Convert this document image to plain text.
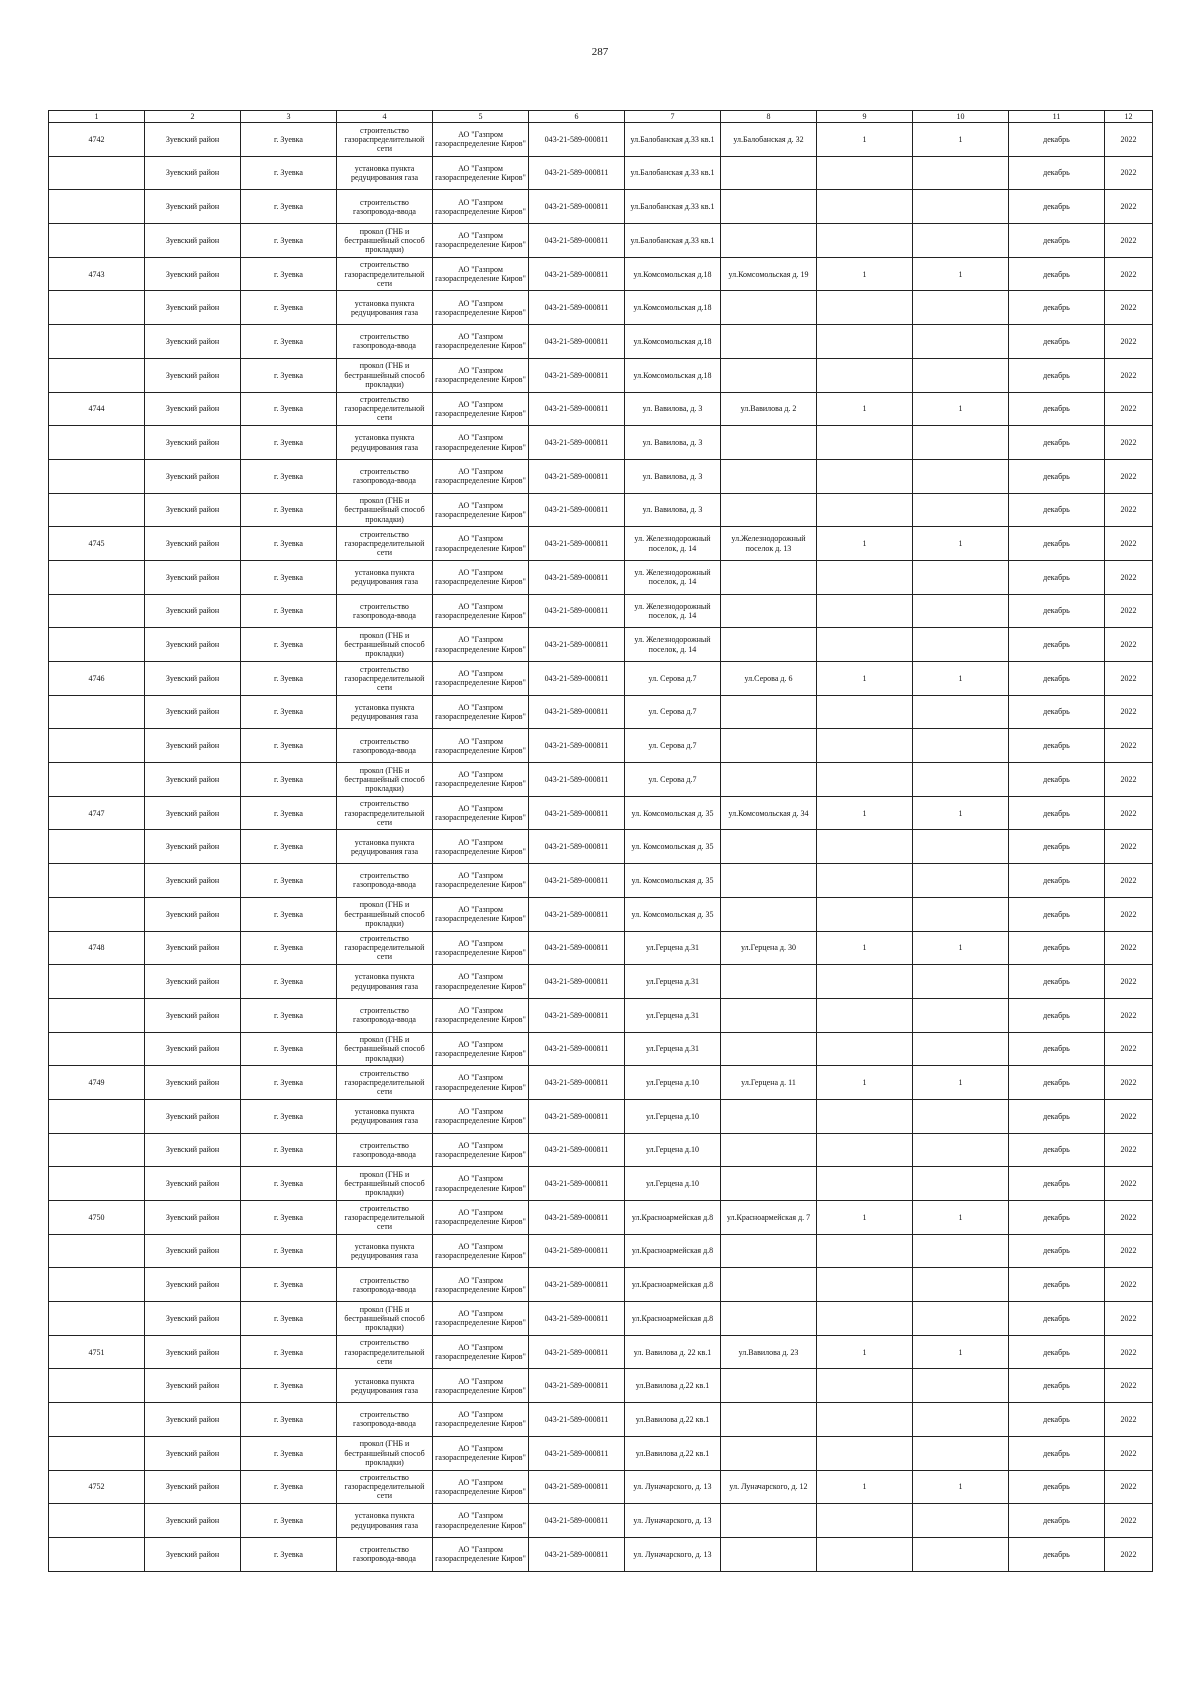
287
1	2	3	4	5	6	7	8	9	10	11	12

4742	Зуевский район	г. Зуевка	строительство газораспределительной сети	АО "Газпром газораспределение Киров"	043-21-589-000811	ул.Балобанская д.33 кв.1	ул.Балобанская д. 32	1	1	декабрь	2022

	Зуевский район	г. Зуевка	установка пункта редуцирования газа	АО "Газпром газораспределение Киров"	043-21-589-000811	ул.Балобанская д.33 кв.1				декабрь	2022

	Зуевский район	г. Зуевка	строительство газопровода-ввода	АО "Газпром газораспределение Киров"	043-21-589-000811	ул.Балобанская д.33 кв.1				декабрь	2022

	Зуевский район	г. Зуевка	прокол (ГНБ и бестраншейный способ прокладки)	АО "Газпром газораспределение Киров"	043-21-589-000811	ул.Балобанская д.33 кв.1				декабрь	2022

4743	Зуевский район	г. Зуевка	строительство газораспределительной сети	АО "Газпром газораспределение Киров"	043-21-589-000811	ул.Комсомольская д.18	ул.Комсомольская д. 19	1	1	декабрь	2022

	Зуевский район	г. Зуевка	установка пункта редуцирования газа	АО "Газпром газораспределение Киров"	043-21-589-000811	ул.Комсомольская д.18				декабрь	2022

	Зуевский район	г. Зуевка	строительство газопровода-ввода	АО "Газпром газораспределение Киров"	043-21-589-000811	ул.Комсомольская д.18				декабрь	2022

	Зуевский район	г. Зуевка	прокол (ГНБ и бестраншейный способ прокладки)	АО "Газпром газораспределение Киров"	043-21-589-000811	ул.Комсомольская д.18				декабрь	2022

4744	Зуевский район	г. Зуевка	строительство газораспределительной сети	АО "Газпром газораспределение Киров"	043-21-589-000811	ул. Вавилова, д. 3	ул.Вавилова д. 2	1	1	декабрь	2022

	Зуевский район	г. Зуевка	установка пункта редуцирования газа	АО "Газпром газораспределение Киров"	043-21-589-000811	ул. Вавилова, д. 3				декабрь	2022

	Зуевский район	г. Зуевка	строительство газопровода-ввода	АО "Газпром газораспределение Киров"	043-21-589-000811	ул. Вавилова, д. 3				декабрь	2022

	Зуевский район	г. Зуевка	прокол (ГНБ и бестраншейный способ прокладки)	АО "Газпром газораспределение Киров"	043-21-589-000811	ул. Вавилова, д. 3				декабрь	2022

4745	Зуевский район	г. Зуевка	строительство газораспределительной сети	АО "Газпром газораспределение Киров"	043-21-589-000811	ул. Железнодорожный поселок, д. 14	ул.Железнодорожный поселок д. 13	1	1	декабрь	2022

	Зуевский район	г. Зуевка	установка пункта редуцирования газа	АО "Газпром газораспределение Киров"	043-21-589-000811	ул. Железнодорожный поселок, д. 14				декабрь	2022

	Зуевский район	г. Зуевка	строительство газопровода-ввода	АО "Газпром газораспределение Киров"	043-21-589-000811	ул. Железнодорожный поселок, д. 14				декабрь	2022

	Зуевский район	г. Зуевка	прокол (ГНБ и бестраншейный способ прокладки)	АО "Газпром газораспределение Киров"	043-21-589-000811	ул. Железнодорожный поселок, д. 14				декабрь	2022

4746	Зуевский район	г. Зуевка	строительство газораспределительной сети	АО "Газпром газораспределение Киров"	043-21-589-000811	ул. Серова д.7	ул.Серова д. 6	1	1	декабрь	2022

	Зуевский район	г. Зуевка	установка пункта редуцирования газа	АО "Газпром газораспределение Киров"	043-21-589-000811	ул. Серова д.7				декабрь	2022

	Зуевский район	г. Зуевка	строительство газопровода-ввода	АО "Газпром газораспределение Киров"	043-21-589-000811	ул. Серова д.7				декабрь	2022

	Зуевский район	г. Зуевка	прокол (ГНБ и бестраншейный способ прокладки)	АО "Газпром газораспределение Киров"	043-21-589-000811	ул. Серова д.7				декабрь	2022

4747	Зуевский район	г. Зуевка	строительство газораспределительной сети	АО "Газпром газораспределение Киров"	043-21-589-000811	ул. Комсомольская д. 35	ул.Комсомольская д. 34	1	1	декабрь	2022

	Зуевский район	г. Зуевка	установка пункта редуцирования газа	АО "Газпром газораспределение Киров"	043-21-589-000811	ул. Комсомольская д. 35				декабрь	2022

	Зуевский район	г. Зуевка	строительство газопровода-ввода	АО "Газпром газораспределение Киров"	043-21-589-000811	ул. Комсомольская д. 35				декабрь	2022

	Зуевский район	г. Зуевка	прокол (ГНБ и бестраншейный способ прокладки)	АО "Газпром газораспределение Киров"	043-21-589-000811	ул. Комсомольская д. 35				декабрь	2022

4748	Зуевский район	г. Зуевка	строительство газораспределительной сети	АО "Газпром газораспределение Киров"	043-21-589-000811	ул.Герцена д.31	ул.Герцена д. 30	1	1	декабрь	2022

	Зуевский район	г. Зуевка	установка пункта редуцирования газа	АО "Газпром газораспределение Киров"	043-21-589-000811	ул.Герцена д.31				декабрь	2022

	Зуевский район	г. Зуевка	строительство газопровода-ввода	АО "Газпром газораспределение Киров"	043-21-589-000811	ул.Герцена д.31				декабрь	2022

	Зуевский район	г. Зуевка	прокол (ГНБ и бестраншейный способ прокладки)	АО "Газпром газораспределение Киров"	043-21-589-000811	ул.Герцена д.31				декабрь	2022

4749	Зуевский район	г. Зуевка	строительство газораспределительной сети	АО "Газпром газораспределение Киров"	043-21-589-000811	ул.Герцена д.10	ул.Герцена д. 11	1	1	декабрь	2022

	Зуевский район	г. Зуевка	установка пункта редуцирования газа	АО "Газпром газораспределение Киров"	043-21-589-000811	ул.Герцена д.10				декабрь	2022

	Зуевский район	г. Зуевка	строительство газопровода-ввода	АО "Газпром газораспределение Киров"	043-21-589-000811	ул.Герцена д.10				декабрь	2022

	Зуевский район	г. Зуевка	прокол (ГНБ и бестраншейный способ прокладки)	АО "Газпром газораспределение Киров"	043-21-589-000811	ул.Герцена д.10				декабрь	2022

4750	Зуевский район	г. Зуевка	строительство газораспределительной сети	АО "Газпром газораспределение Киров"	043-21-589-000811	ул.Красноармейская д.8	ул.Красноармейская д. 7	1	1	декабрь	2022

	Зуевский район	г. Зуевка	установка пункта редуцирования газа	АО "Газпром газораспределение Киров"	043-21-589-000811	ул.Красноармейская д.8				декабрь	2022

	Зуевский район	г. Зуевка	строительство газопровода-ввода	АО "Газпром газораспределение Киров"	043-21-589-000811	ул.Красноармейская д.8				декабрь	2022

	Зуевский район	г. Зуевка	прокол (ГНБ и бестраншейный способ прокладки)	АО "Газпром газораспределение Киров"	043-21-589-000811	ул.Красноармейская д.8				декабрь	2022

4751	Зуевский район	г. Зуевка	строительство газораспределительной сети	АО "Газпром газораспределение Киров"	043-21-589-000811	ул. Вавилова д. 22 кв.1	ул.Вавилова д. 23	1	1	декабрь	2022

	Зуевский район	г. Зуевка	установка пункта редуцирования газа	АО "Газпром газораспределение Киров"	043-21-589-000811	ул.Вавилова д.22 кв.1				декабрь	2022

	Зуевский район	г. Зуевка	строительство газопровода-ввода	АО "Газпром газораспределение Киров"	043-21-589-000811	ул.Вавилова д.22 кв.1				декабрь	2022

	Зуевский район	г. Зуевка	прокол (ГНБ и бестраншейный способ прокладки)	АО "Газпром газораспределение Киров"	043-21-589-000811	ул.Вавилова д.22 кв.1				декабрь	2022

4752	Зуевский район	г. Зуевка	строительство газораспределительной сети	АО "Газпром газораспределение Киров"	043-21-589-000811	ул. Луначарского, д. 13	ул. Луначарского, д. 12	1	1	декабрь	2022

	Зуевский район	г. Зуевка	установка пункта редуцирования газа	АО "Газпром газораспределение Киров"	043-21-589-000811	ул. Луначарского, д. 13				декабрь	2022

	Зуевский район	г. Зуевка	строительство газопровода-ввода	АО "Газпром газораспределение Киров"	043-21-589-000811	ул. Луначарского, д. 13				декабрь	2022
